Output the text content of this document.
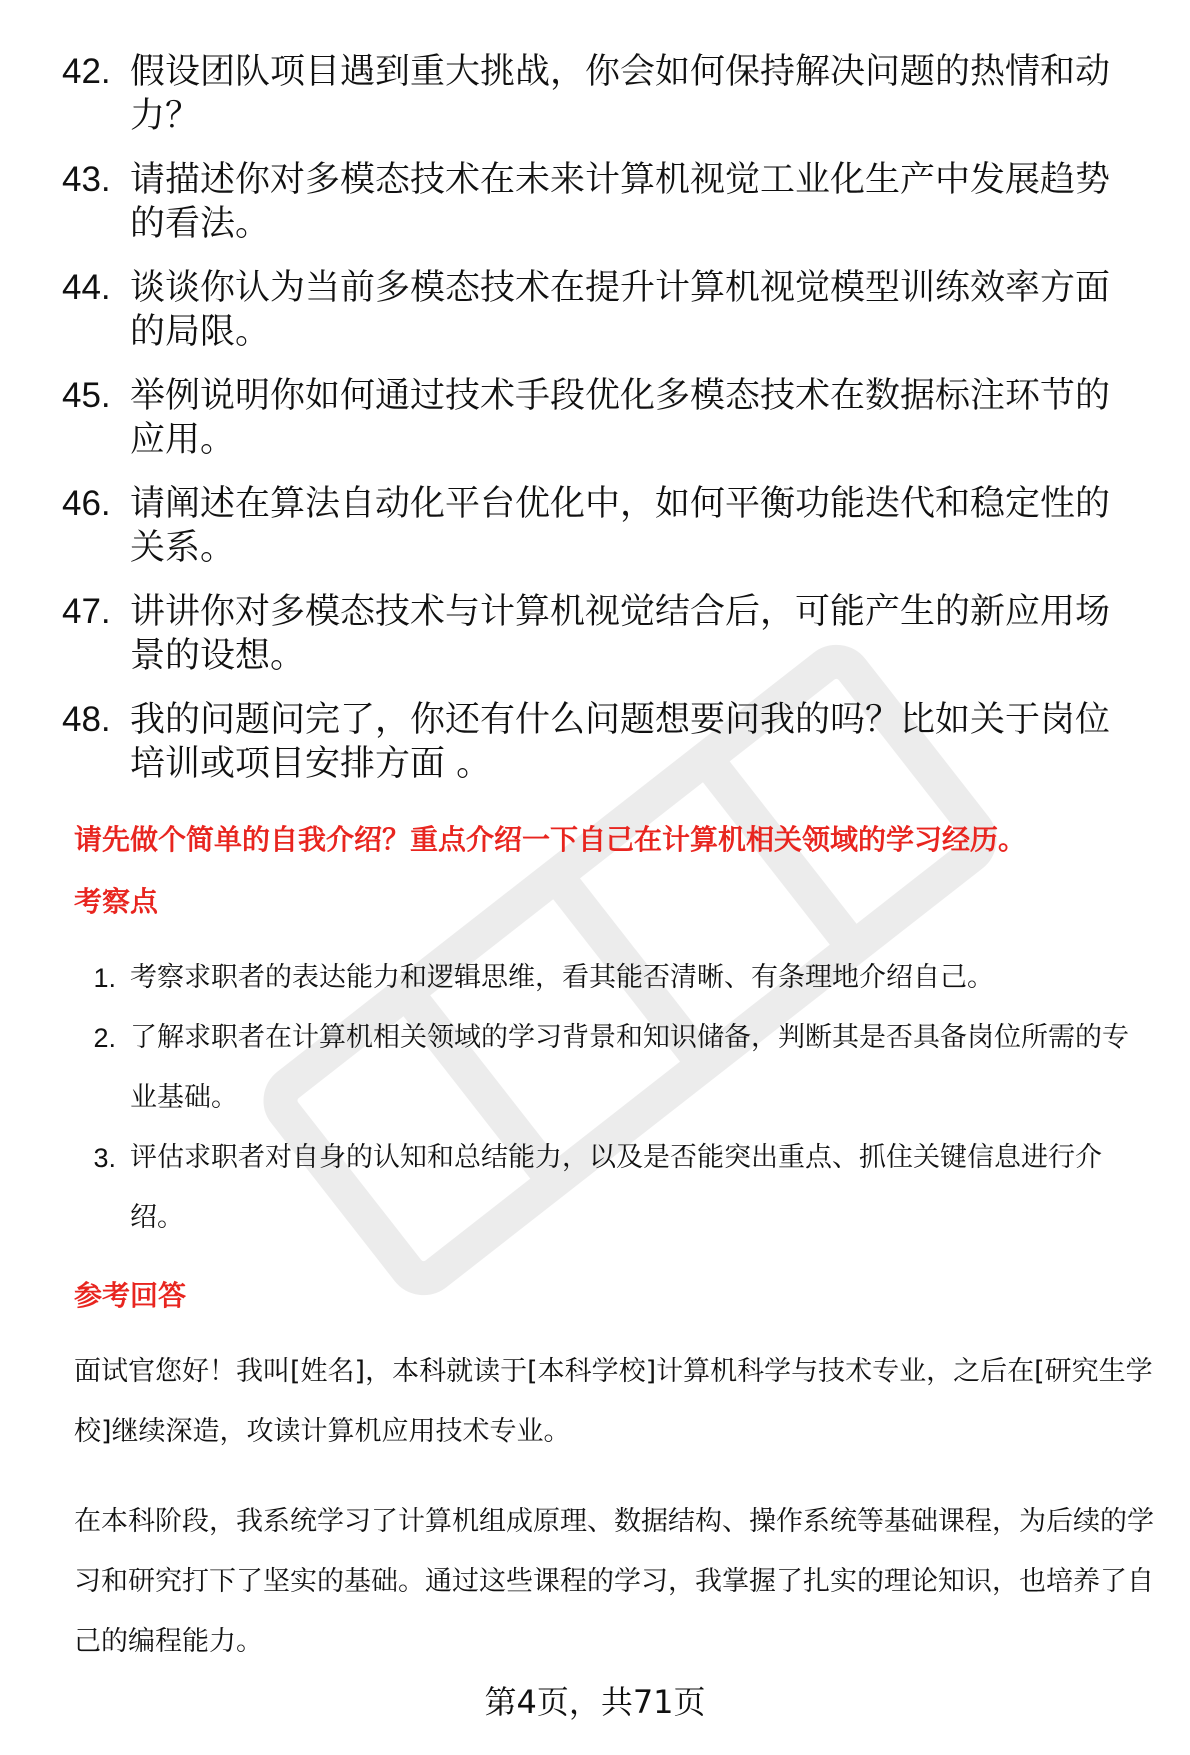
42. 假设团队项目遇到重大挑战，你会如何保持解决问题的热情和动力？
43. 请描述你对多模态技术在未来计算机视觉工业化生产中发展趋势的看法。
44. 谈谈你认为当前多模态技术在提升计算机视觉模型训练效率方面的局限。
45. 举例说明你如何通过技术手段优化多模态技术在数据标注环节的应用。
46. 请阐述在算法自动化平台优化中，如何平衡功能迭代和稳定性的关系。
47. 讲讲你对多模态技术与计算机视觉结合后，可能产生的新应用场景的设想。
48. 我的问题问完了，你还有什么问题想要问我的吗？比如关于岗位培训或项目安排方面 。
请先做个简单的自我介绍？重点介绍一下自己在计算机相关领域的学习经历。
考察点
1. 考察求职者的表达能力和逻辑思维，看其能否清晰、有条理地介绍自己。
2. 了解求职者在计算机相关领域的学习背景和知识储备，判断其是否具备岗位所需的专业基础。
3. 评估求职者对自身的认知和总结能力，以及是否能突出重点、抓住关键信息进行介绍。
参考回答
面试官您好！我叫[姓名]，本科就读于[本科学校]计算机科学与技术专业，之后在[研究生学校]继续深造，攻读计算机应用技术专业。
在本科阶段，我系统学习了计算机组成原理、数据结构、操作系统等基础课程，为后续的学习和研究打下了坚实的基础。通过这些课程的学习，我掌握了扎实的理论知识，也培养了自己的编程能力。
第4页，共71页
